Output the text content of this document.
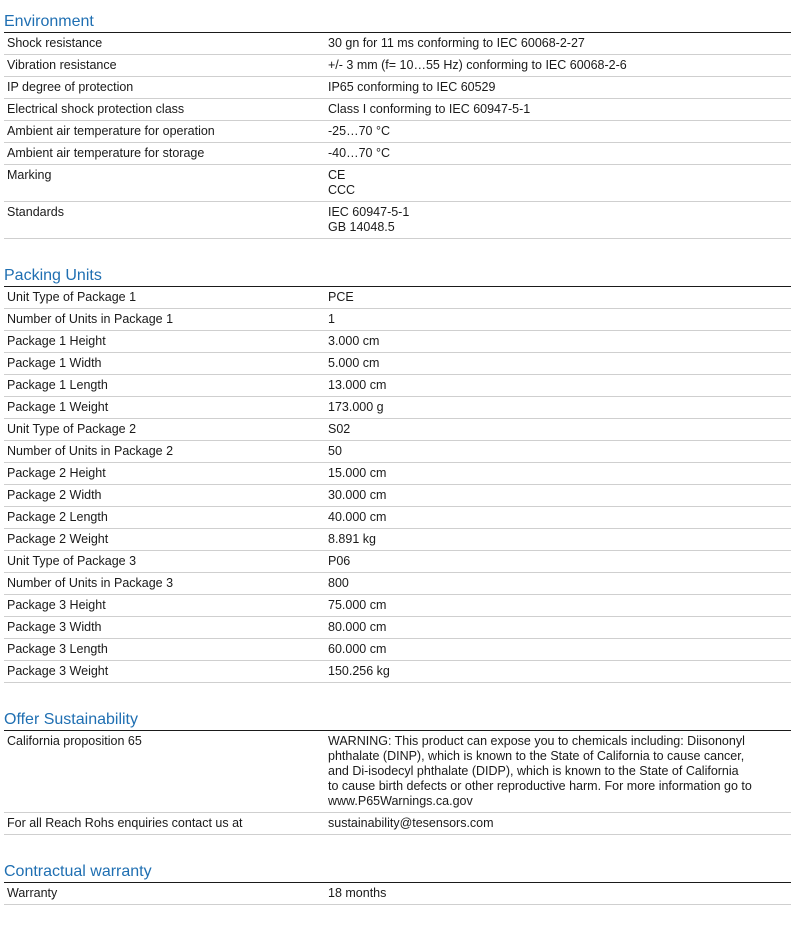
Environment
Shock resistance	30 gn for 11 ms conforming to IEC 60068-2-27
Vibration resistance	+/- 3 mm (f= 10…55 Hz) conforming to IEC 60068-2-6
IP degree of protection	IP65 conforming to IEC 60529
Electrical shock protection class	Class I conforming to IEC 60947-5-1
Ambient air temperature for operation	-25…70 °C
Ambient air temperature for storage	-40…70 °C
Marking	CE
CCC
Standards	IEC 60947-5-1
GB 14048.5
Packing Units
Unit Type of Package 1	PCE
Number of Units in Package 1	1
Package 1 Height	3.000 cm
Package 1 Width	5.000 cm
Package 1 Length	13.000 cm
Package 1 Weight	173.000 g
Unit Type of Package 2	S02
Number of Units in Package 2	50
Package 2 Height	15.000 cm
Package 2 Width	30.000 cm
Package 2 Length	40.000 cm
Package 2 Weight	8.891 kg
Unit Type of Package 3	P06
Number of Units in Package 3	800
Package 3 Height	75.000 cm
Package 3 Width	80.000 cm
Package 3 Length	60.000 cm
Package 3 Weight	150.256 kg
Offer Sustainability
California proposition 65	WARNING: This product can expose you to chemicals including: Diisononyl
phthalate (DINP), which is known to the State of California to cause cancer,
and Di-isodecyl phthalate (DIDP), which is known to the State of California
to cause birth defects or other reproductive harm. For more information go to
www.P65Warnings.ca.gov
For all Reach Rohs enquiries contact us at	sustainability@tesensors.com
Contractual warranty
Warranty	18 months
